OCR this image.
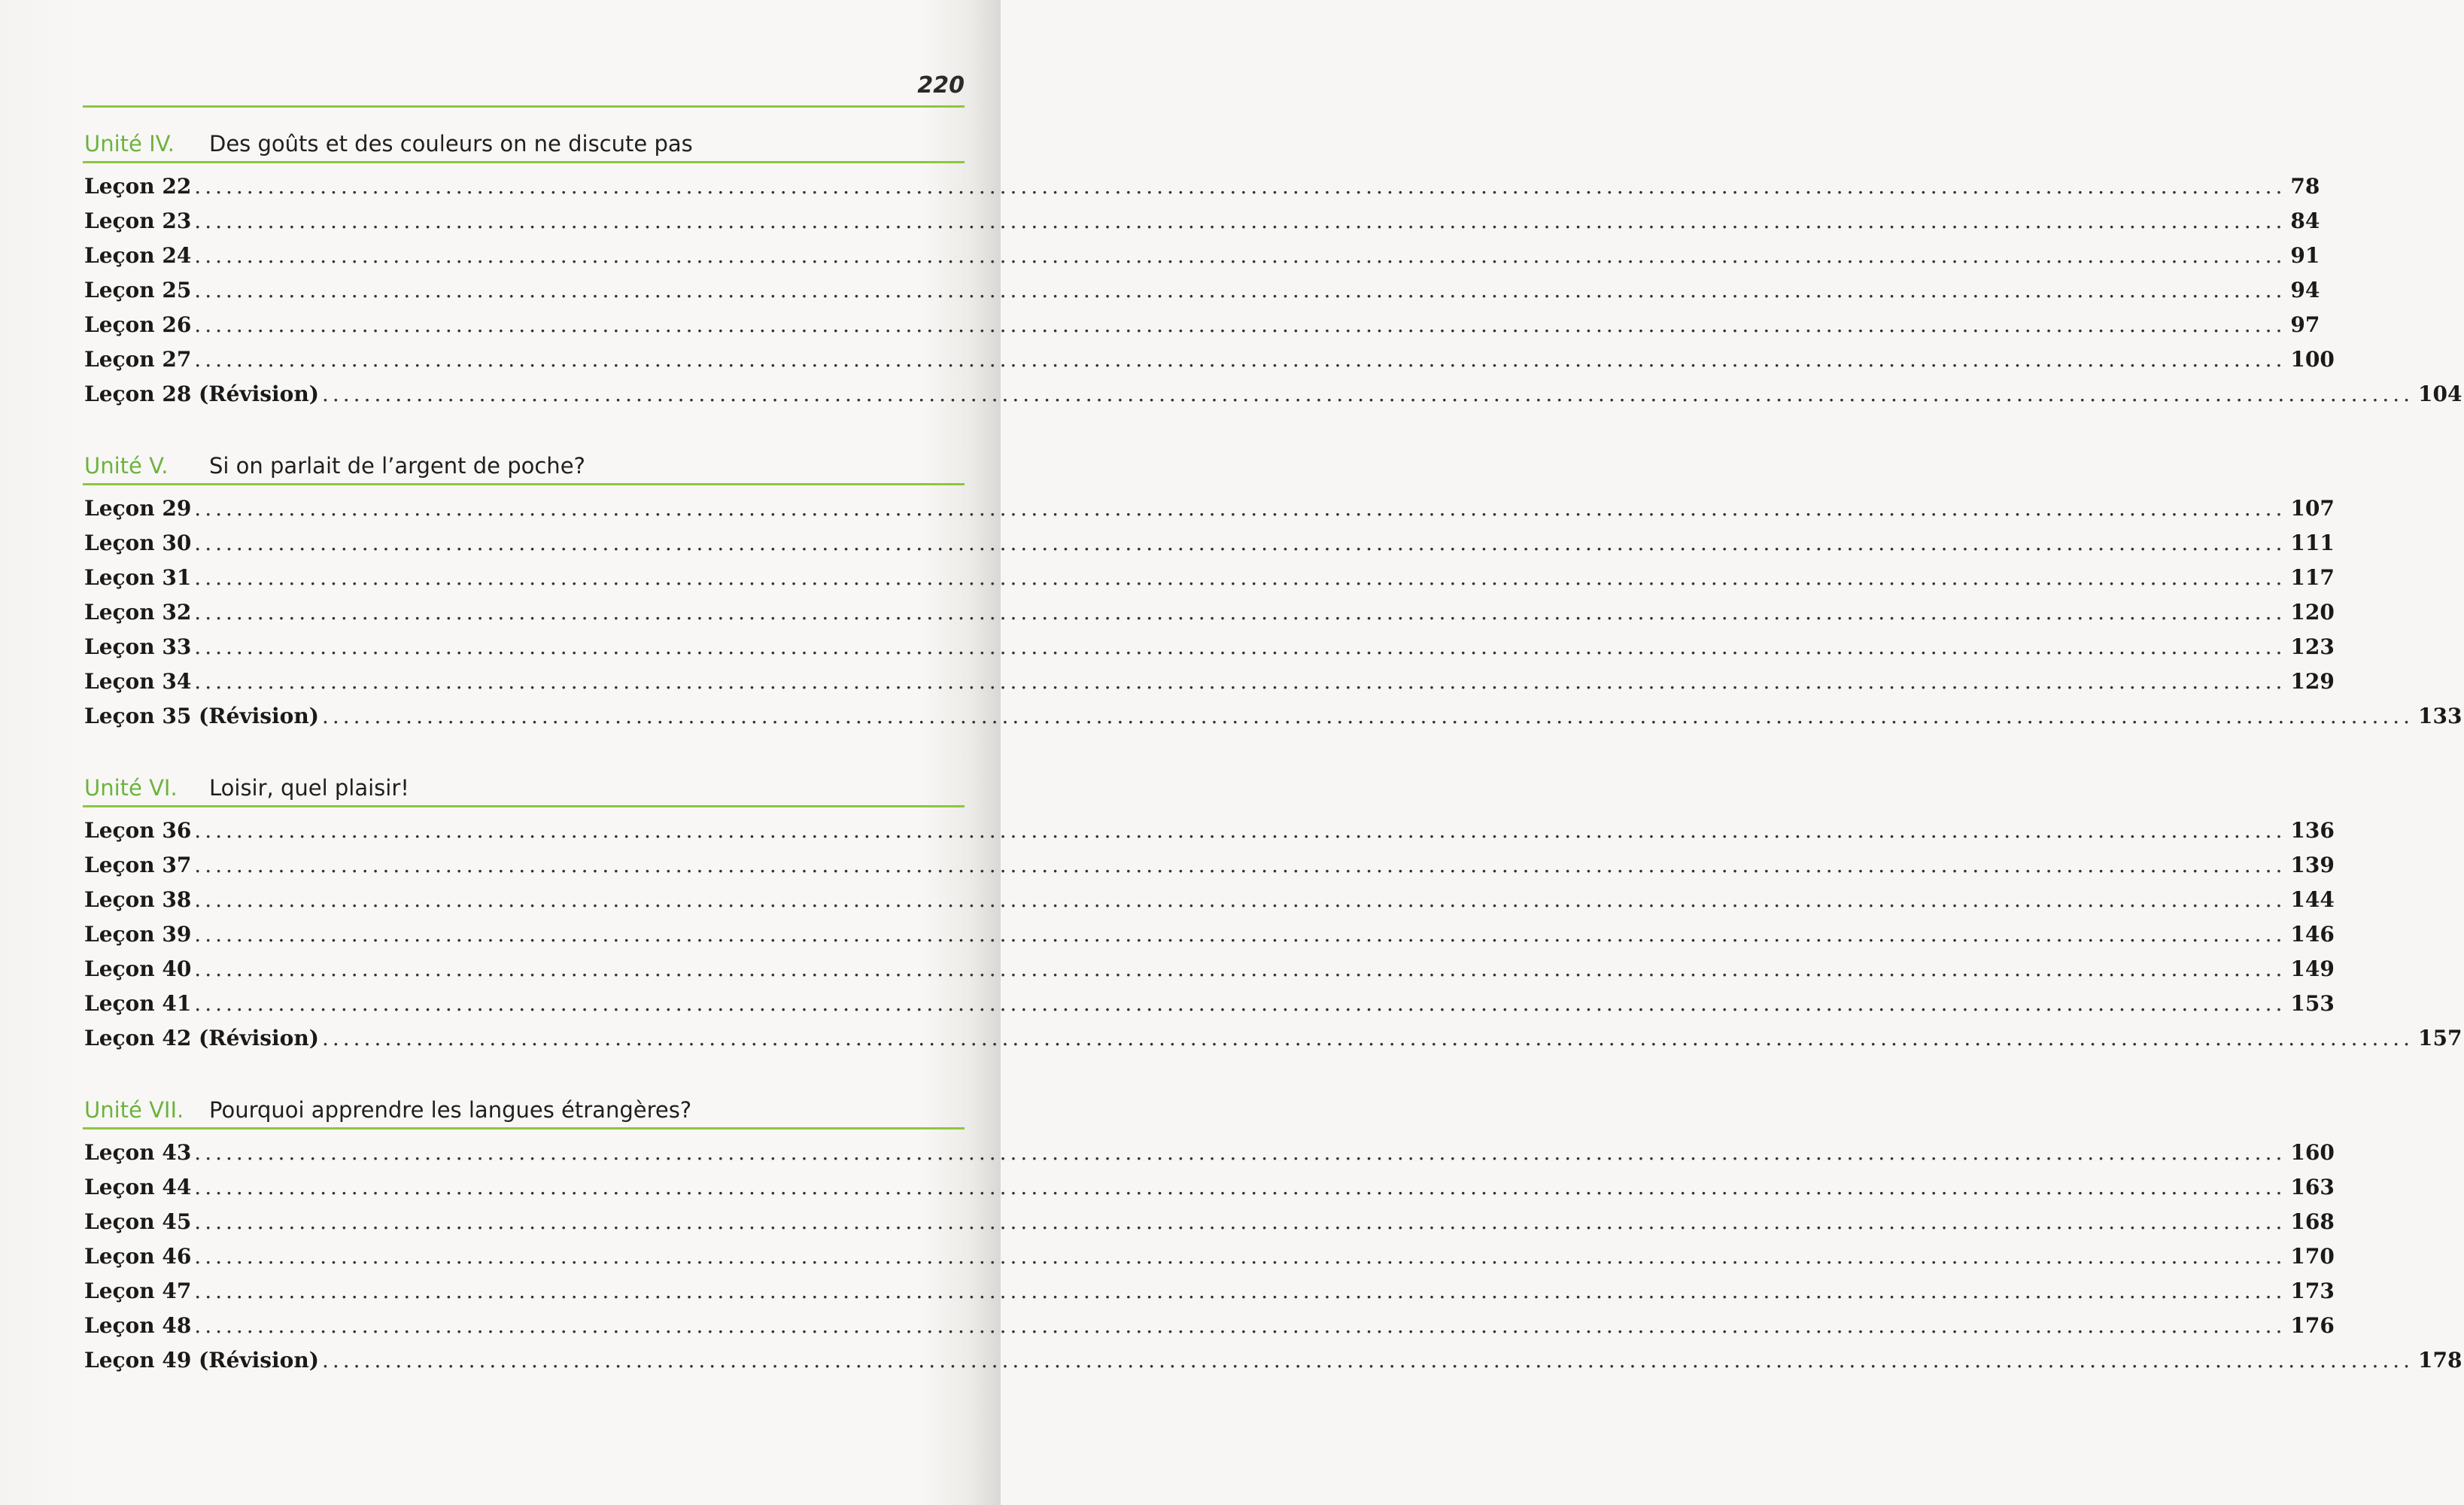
220
Unité IV. Des goûts et des couleurs on ne discute pas
Leçon 22 ........................................................................................................................................................................................................ 78
Leçon 23 ........................................................................................................................................................................................................ 84
Leçon 24 ........................................................................................................................................................................................................ 91
Leçon 25 ........................................................................................................................................................................................................ 94
Leçon 26 ........................................................................................................................................................................................................ 97
Leçon 27 ........................................................................................................................................................................................................ 100
Leçon 28 (Révision) ........................................................................................................................................................................................................ 104
Unité V. Si on parlait de l’argent de poche?
Leçon 29 ........................................................................................................................................................................................................ 107
Leçon 30 ........................................................................................................................................................................................................ 111
Leçon 31 ........................................................................................................................................................................................................ 117
Leçon 32 ........................................................................................................................................................................................................ 120
Leçon 33 ........................................................................................................................................................................................................ 123
Leçon 34 ........................................................................................................................................................................................................ 129
Leçon 35 (Révision) ........................................................................................................................................................................................................ 133
Unité VI. Loisir, quel plaisir!
Leçon 36 ........................................................................................................................................................................................................ 136
Leçon 37 ........................................................................................................................................................................................................ 139
Leçon 38 ........................................................................................................................................................................................................ 144
Leçon 39 ........................................................................................................................................................................................................ 146
Leçon 40 ........................................................................................................................................................................................................ 149
Leçon 41 ........................................................................................................................................................................................................ 153
Leçon 42 (Révision) ........................................................................................................................................................................................................ 157
Unité VII. Pourquoi apprendre les langues étrangères?
Leçon 43 ........................................................................................................................................................................................................ 160
Leçon 44 ........................................................................................................................................................................................................ 163
Leçon 45 ........................................................................................................................................................................................................ 168
Leçon 46 ........................................................................................................................................................................................................ 170
Leçon 47 ........................................................................................................................................................................................................ 173
Leçon 48 ........................................................................................................................................................................................................ 176
Leçon 49 (Révision) ........................................................................................................................................................................................................ 178
